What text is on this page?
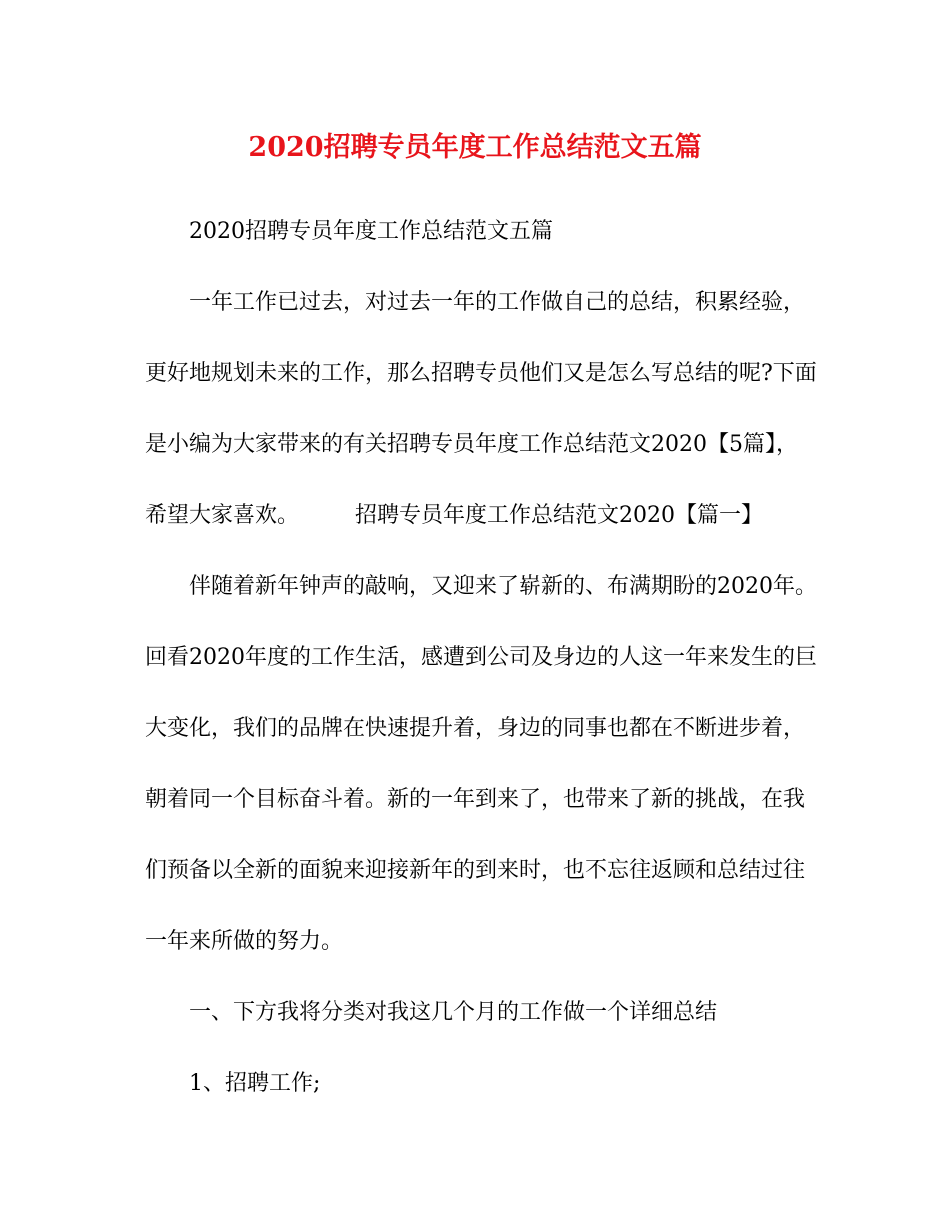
2020招聘专员年度工作总结范文五篇
2020招聘专员年度工作总结范文五篇
一年工作已过去，对过去一年的工作做自己的总结，积累经验，
更好地规划未来的工作，那么招聘专员他们又是怎么写总结的呢?下面
是小编为大家带来的有关招聘专员年度工作总结范文2020【5篇】，
希望大家喜欢。	招聘专员年度工作总结范文2020【篇一】
伴随着新年钟声的敲响，又迎来了崭新的、布满期盼的2020年。
回看2020年度的工作生活，感遭到公司及身边的人这一年来发生的巨
大变化，我们的品牌在快速提升着，身边的同事也都在不断进步着，
朝着同一个目标奋斗着。新的一年到来了，也带来了新的挑战，在我
们预备以全新的面貌来迎接新年的到来时，也不忘往返顾和总结过往
一年来所做的努力。
一、下方我将分类对我这几个月的工作做一个详细总结
1、招聘工作;
